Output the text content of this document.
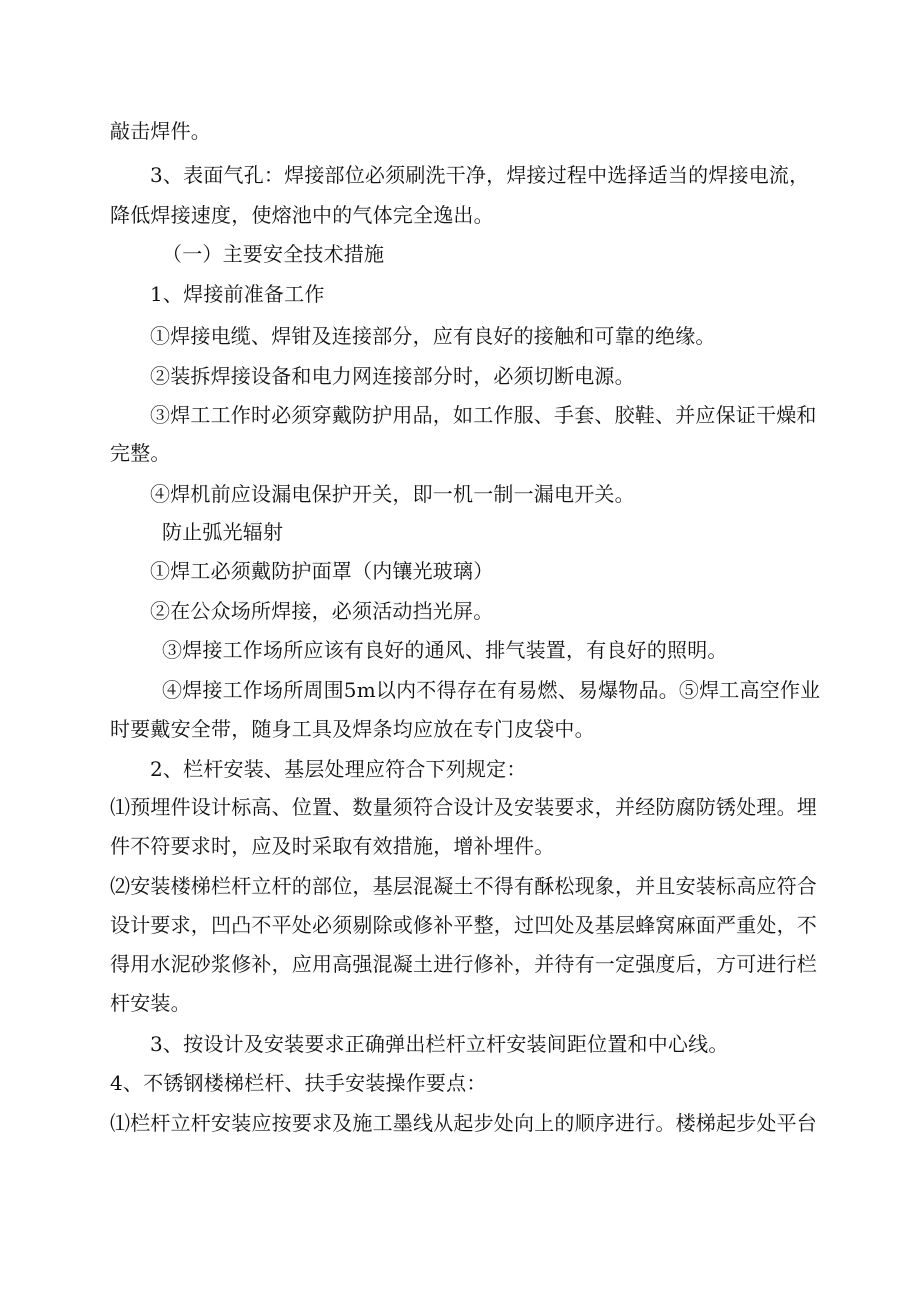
敲击焊件。
3、表面气孔：焊接部位必须刷洗干净，焊接过程中选择适当的焊接电流，
降低焊接速度，使熔池中的气体完全逸出。
（一）主要安全技术措施
1、焊接前准备工作
①焊接电缆、焊钳及连接部分，应有良好的接触和可靠的绝缘。
②装拆焊接设备和电力网连接部分时，必须切断电源。
③焊工工作时必须穿戴防护用品，如工作服、手套、胶鞋、并应保证干燥和
完整。
④焊机前应设漏电保护开关，即一机一制一漏电开关。
防止弧光辐射
①焊工必须戴防护面罩（内镶光玻璃）
②在公众场所焊接，必须活动挡光屏。
③焊接工作场所应该有良好的通风、排气装置，有良好的照明。
④焊接工作场所周围5m以内不得存在有易燃、易爆物品。⑤焊工高空作业
时要戴安全带，随身工具及焊条均应放在专门皮袋中。
2、栏杆安装、基层处理应符合下列规定：
⑴预埋件设计标高、位置、数量须符合设计及安装要求，并经防腐防锈处理。埋
件不符要求时，应及时采取有效措施，增补埋件。
⑵安装楼梯栏杆立杆的部位，基层混凝土不得有酥松现象，并且安装标高应符合
设计要求，凹凸不平处必须剔除或修补平整，过凹处及基层蜂窝麻面严重处，不
得用水泥砂浆修补，应用高强混凝土进行修补，并待有一定强度后，方可进行栏
杆安装。
3、按设计及安装要求正确弹出栏杆立杆安装间距位置和中心线。
4、不锈钢楼梯栏杆、扶手安装操作要点：
⑴栏杆立杆安装应按要求及施工墨线从起步处向上的顺序进行。楼梯起步处平台
